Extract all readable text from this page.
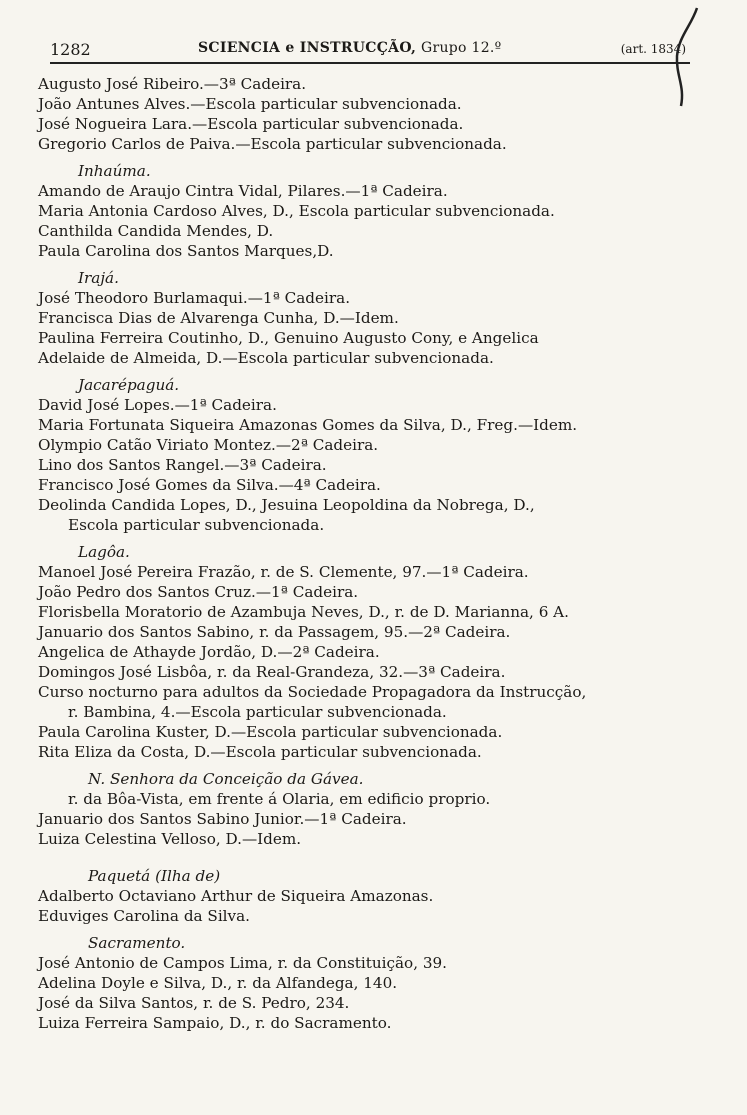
1282	SCIENCIA e INSTRUCÇÃO, Grupo 12.º	(art. 1834)
Augusto José Ribeiro.—3ª Cadeira.
João Antunes Alves.—Escola particular subvencionada.
José Nogueira Lara.—Escola particular subvencionada.
Gregorio Carlos de Paiva.—Escola particular subvencionada.
Inhaúma.
Amando de Araujo Cintra Vidal, Pilares.—1ª Cadeira.
Maria Antonia Cardoso Alves, D., Escola particular subvencionada.
Canthilda Candida Mendes, D.
Paula Carolina dos Santos Marques,D.
Irajá.
José Theodoro Burlamaqui.—1ª Cadeira.
Francisca Dias de Alvarenga Cunha, D.—Idem.
Paulina Ferreira Coutinho, D., Genuino Augusto Cony, e Angelica
Adelaide de Almeida, D.—Escola particular subvencionada.
Jacarépaguá.
David José Lopes.—1ª Cadeira.
Maria Fortunata Siqueira Amazonas Gomes da Silva, D., Freg.—Idem.
Olympio Catão Viriato Montez.—2ª Cadeira.
Lino dos Santos Rangel.—3ª Cadeira.
Francisco José Gomes da Silva.—4ª Cadeira.
Deolinda Candida Lopes, D., Jesuina Leopoldina da Nobrega, D.,
Escola particular subvencionada.
Lagôa.
Manoel José Pereira Frazão, r. de S. Clemente, 97.—1ª Cadeira.
João Pedro dos Santos Cruz.—1ª Cadeira.
Florisbella Moratorio de Azambuja Neves, D., r. de D. Marianna, 6 A.
Januario dos Santos Sabino, r. da Passagem, 95.—2ª Cadeira.
Angelica de Athayde Jordão, D.—2ª Cadeira.
Domingos José Lisbôa, r. da Real-Grandeza, 32.—3ª Cadeira.
Curso nocturno para adultos da Sociedade Propagadora da Instrucção,
r. Bambina, 4.—Escola particular subvencionada.
Paula Carolina Kuster, D.—Escola particular subvencionada.
Rita Eliza da Costa, D.—Escola particular subvencionada.
N. Senhora da Conceição da Gávea.
r. da Bôa-Vista, em frente á Olaria, em edificio proprio.
Januario dos Santos Sabino Junior.—1ª Cadeira.
Luiza Celestina Velloso, D.—Idem.
Paquetá (Ilha de)
Adalberto Octaviano Arthur de Siqueira Amazonas.
Eduviges Carolina da Silva.
Sacramento.
José Antonio de Campos Lima, r. da Constituição, 39.
Adelina Doyle e Silva, D., r. da Alfandega, 140.
José da Silva Santos, r. de S. Pedro, 234.
Luiza Ferreira Sampaio, D., r. do Sacramento.
